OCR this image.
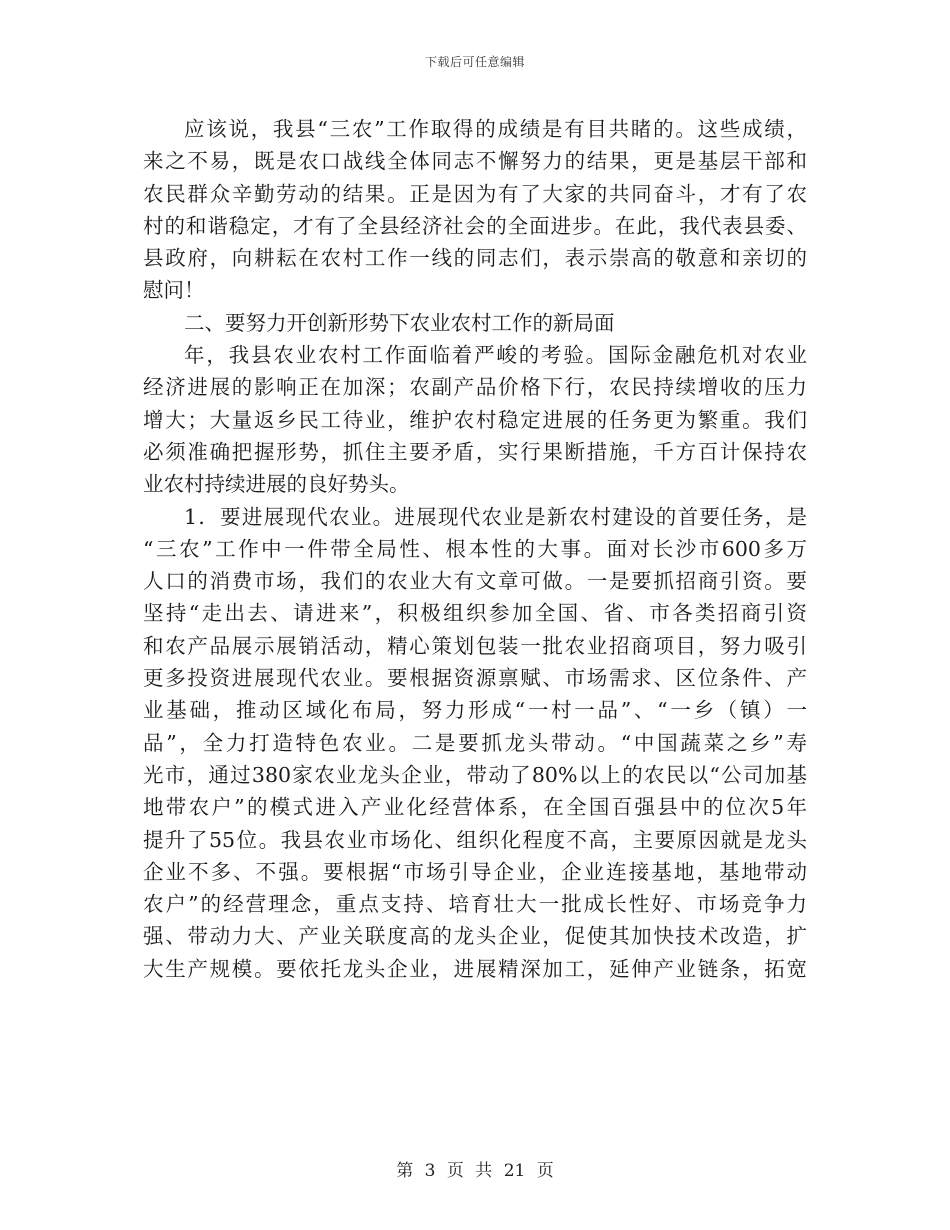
下载后可任意编辑
应该说，我县“三农”工作取得的成绩是有目共睹的。这些成绩，
来之不易，既是农口战线全体同志不懈努力的结果，更是基层干部和
农民群众辛勤劳动的结果。正是因为有了大家的共同奋斗，才有了农
村的和谐稳定，才有了全县经济社会的全面进步。在此，我代表县委、
县政府，向耕耘在农村工作一线的同志们，表示崇高的敬意和亲切的
慰问！
二、要努力开创新形势下农业农村工作的新局面
年，我县农业农村工作面临着严峻的考验。国际金融危机对农业
经济进展的影响正在加深；农副产品价格下行，农民持续增收的压力
增大；大量返乡民工待业，维护农村稳定进展的任务更为繁重。我们
必须准确把握形势，抓住主要矛盾，实行果断措施，千方百计保持农
业农村持续进展的良好势头。
1．要进展现代农业。进展现代农业是新农村建设的首要任务，是
“三农”工作中一件带全局性、根本性的大事。面对长沙市600多万
人口的消费市场，我们的农业大有文章可做。一是要抓招商引资。要
坚持“走出去、请进来”，积极组织参加全国、省、市各类招商引资
和农产品展示展销活动，精心策划包装一批农业招商项目，努力吸引
更多投资进展现代农业。要根据资源禀赋、市场需求、区位条件、产
业基础，推动区域化布局，努力形成“一村一品”、“一乡（镇）一
品”，全力打造特色农业。二是要抓龙头带动。“中国蔬菜之乡”寿
光市，通过380家农业龙头企业，带动了80%以上的农民以“公司加基
地带农户”的模式进入产业化经营体系，在全国百强县中的位次5年
提升了55位。我县农业市场化、组织化程度不高，主要原因就是龙头
企业不多、不强。要根据“市场引导企业，企业连接基地，基地带动
农户”的经营理念，重点支持、培育壮大一批成长性好、市场竞争力
强、带动力大、产业关联度高的龙头企业，促使其加快技术改造，扩
大生产规模。要依托龙头企业，进展精深加工，延伸产业链条，拓宽
第 3 页 共 21 页
